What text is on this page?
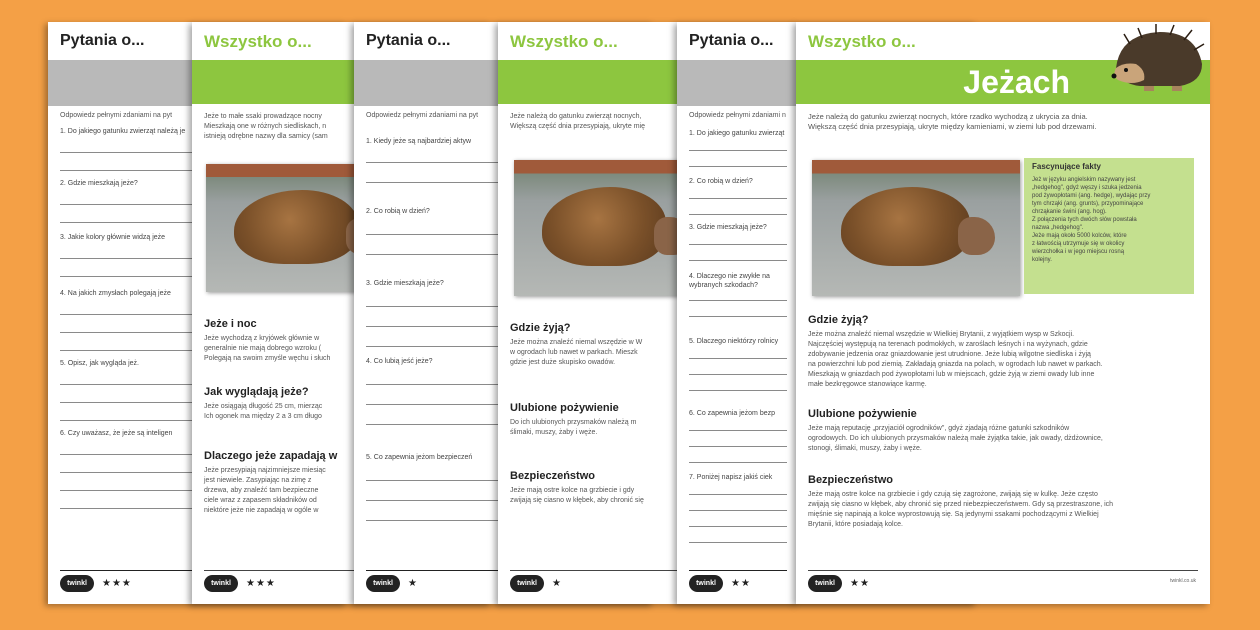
Pytania o...
Odpowiedz pełnymi zdaniami na pyt
1. Do jakiego gatunku zwierząt należą je
2. Gdzie mieszkają jeże?
3. Jakie kolory głównie widzą jeże
4. Na jakich zmysłach polegają jeże
5. Opisz, jak wygląda jeż.
6. Czy uważasz, że jeże są inteligen
twinkl	★★★
Wszystko o...
Jeże to małe ssaki prowadzące nocny
Mieszkają one w różnych siedliskach, n
istnieją odrębne nazwy dla samicy (sam
Jeże i noc
Jeże wychodzą z kryjówek głównie w
generalnie nie mają dobrego wzroku (
Polegają na swoim zmyśle węchu i słuch
Jak wyglądają jeże?
Jeże osiągają długość 25 cm, mierząc
Ich ogonek ma między 2 a 3 cm długo
Dlaczego jeże zapadają w
Jeże przesypiają najzimniejsze miesiąc
jest niewiele. Zasypiając na zimę z
drzewa, aby znaleźć tam bezpieczne
ciele wraz z zapasem składników od
niektóre jeże nie zapadają w ogóle w
twinkl	★★★
Pytania o...
Odpowiedz pełnymi zdaniami na pyt
1. Kiedy jeże są najbardziej aktyw
2. Co robią w dzień?
3. Gdzie mieszkają jeże?
4. Co lubią jeść jeże?
5. Co zapewnia jeżom bezpieczeń
twinkl	★
Wszystko o...
Jeże należą do gatunku zwierząt nocnych,
Większą część dnia przesypiają, ukryte mię
Gdzie żyją?
Jeże można znaleźć niemal wszędzie w W
w ogrodach lub nawet w parkach. Mieszk
gdzie jest duże skupisko owadów.
Ulubione pożywienie
Do ich ulubionych przysmaków należą m
ślimaki, muszy, żaby i węże.
Bezpieczeństwo
Jeże mają ostre kolce na grzbiecie i gdy
zwijają się ciasno w kłębek, aby chronić się
twinkl	★
Pytania o...
Odpowiedz pełnymi zdaniami n
1. Do jakiego gatunku zwierząt
2. Co robią w dzień?
3. Gdzie mieszkają jeże?
4. Dlaczego nie zwykłe na wybranych szkodach?
5. Dlaczego niektórzy rolnicy
6. Co zapewnia jeżom bezp
7. Poniżej napisz jakiś ciek
twinkl	★★
Wszystko o...
Jeżach
Jeże należą do gatunku zwierząt nocnych, które rzadko wychodzą z ukrycia za dnia.
Większą część dnia przesypiają, ukryte między kamieniami, w ziemi lub pod drzewami.
Fascynujące fakty
Jeż w języku angielskim nazywany jest
„hedgehog", gdyż węszy i szuka jedzenia
pod żywopłotami (ang. hedge), wydając przy
tym chrząki (ang. grunts), przypominające
chrząkanie świni (ang. hog).
Z połączenia tych dwóch słów powstała
nazwa „hedgehog".
Jeże mają około 5000 kolców, które
z łatwością utrzymuje się w okolicy
wierzchołka i w jego miejscu rosną
kolejny.
Gdzie żyją?
Jeże można znaleźć niemal wszędzie w Wielkiej Brytanii, z wyjątkiem wysp w Szkocji.
Najczęściej występują na terenach podmokłych, w zaroślach leśnych i na wyżynach, gdzie
zdobywanie jedzenia oraz gniazdowanie jest utrudnione. Jeże lubią wilgotne siedliska i żyją
na powierzchni lub pod ziemią. Zakładają gniazda na polach, w ogrodach lub nawet w parkach.
Mieszkają w gniazdach pod żywopłotami lub w miejscach, gdzie żyją w ziemi owady lub inne
małe bezkręgowce stanowiące karmę.
Ulubione pożywienie
Jeże mają reputację „przyjaciół ogrodników", gdyż zjadają różne gatunki szkodników
ogrodowych. Do ich ulubionych przysmaków należą małe żyjątka takie, jak owady, dżdżownice,
stonogi, ślimaki, muszy, żaby i węże.
Bezpieczeństwo
Jeże mają ostre kolce na grzbiecie i gdy czują się zagrożone, zwijają się w kulkę. Jeże często
zwijają się ciasno w kłębek, aby chronić się przed niebezpieczeństwem. Gdy są przestraszone, ich
mięśnie się napinają a kolce wyprostowują się. Są jedynymi ssakami pochodzącymi z Wielkiej
Brytanii, które posiadają kolce.
twinkl	★★	twinkl.co.uk
